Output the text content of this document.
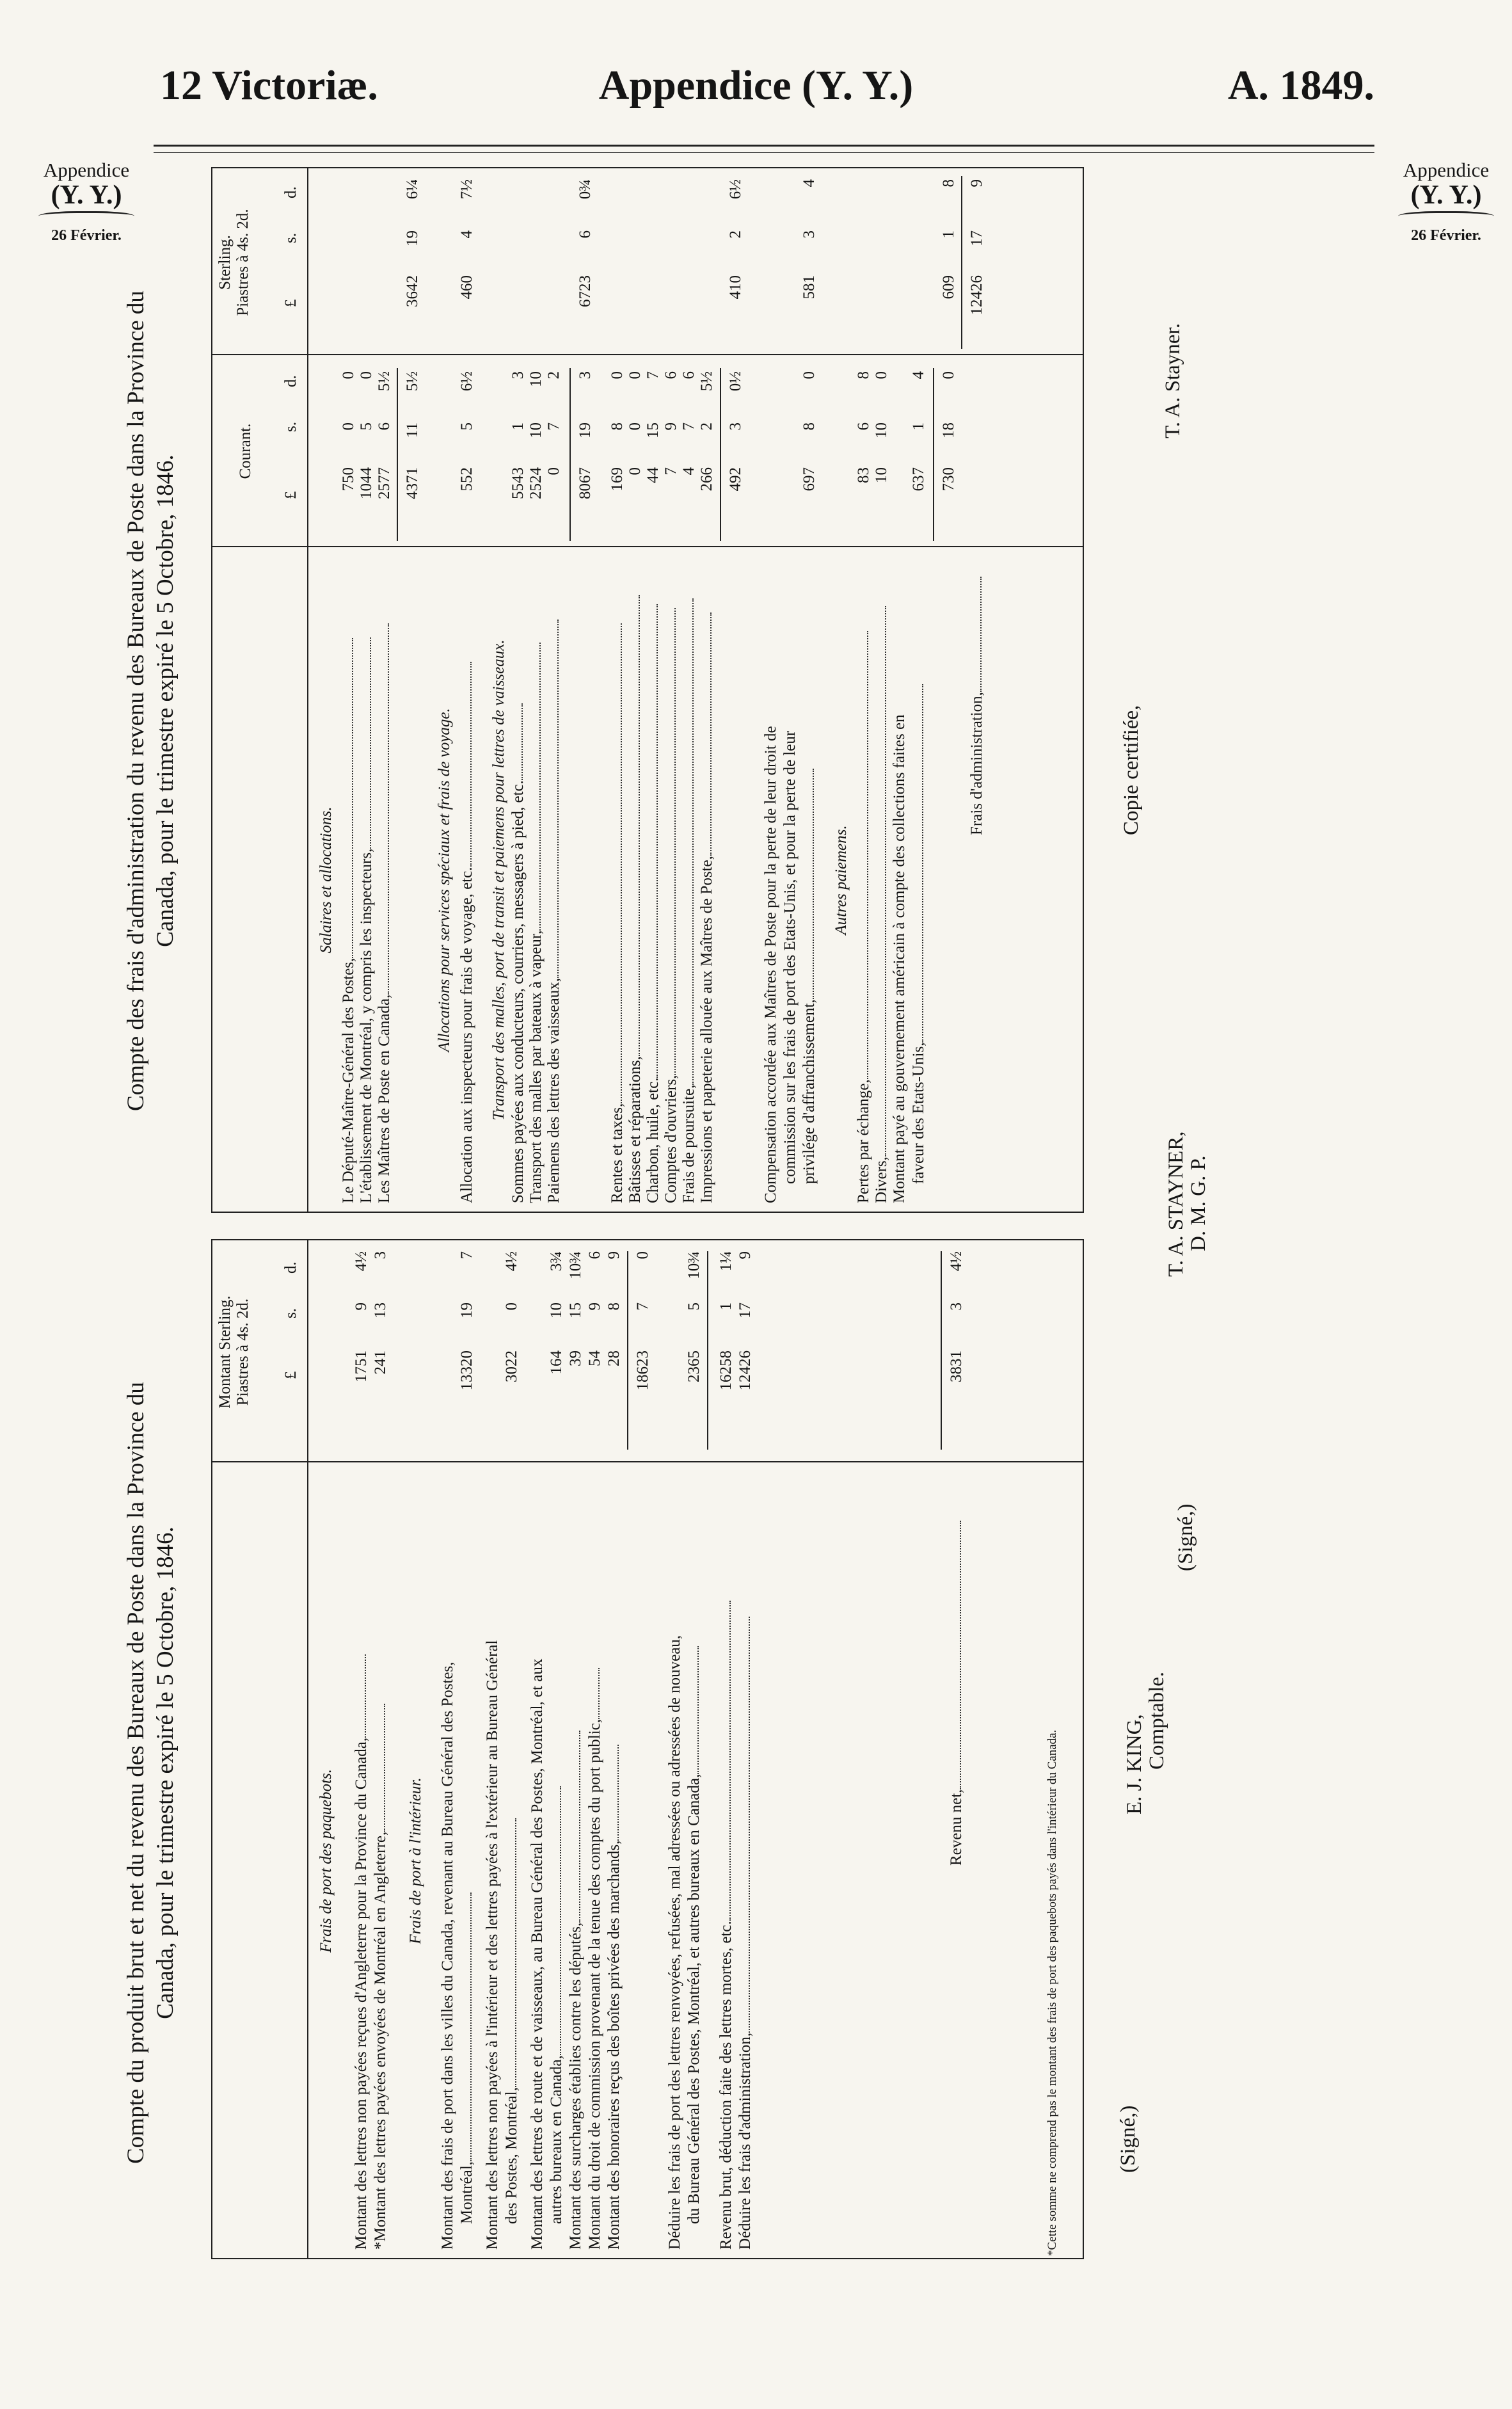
12 Victoriæ.	Appendice (Y. Y.)	A. 1849.
Appendice
(Y. Y.)
26 Février.
Appendice
(Y. Y.)
26 Février.
Compte du produit brut et net du revenu des Bureaux de Poste dans la Province du Canada, pour le trimestre expiré le 5 Octobre, 1846.
Montant Sterling. Piastres à 4s. 2d. £
s.
d.
Frais de port des paquebots. Montant des lettres non payées reçues d'Angleterre pour la Province du Canada,
1751
9
4½
*Montant des lettres payées envoyées de Montréal en Angleterre,
241
13
3
Frais de port à l'intérieur. Montant des frais de port dans les villes du Canada, revenant au Bureau Général des Postes, Montréal,
13320
19
7
Montant des lettres non payées à l'intérieur et des lettres payées à l'extérieur au Bureau Général des Postes, Montréal,
3022
0
4½
Montant des lettres de route et de vaisseaux, au Bureau Général des Postes, Montréal, et aux autres bureaux en Canada,
164
10
3¾
Montant des surcharges établies contre les députés,
39
15
10¾
Montant du droit de commission provenant de la tenue des comptes du port public,
54
9
6
Montant des honoraires reçus des boîtes privées des marchands,
28
8
9
18623
7
0
Déduire les frais de port des lettres renvoyées, refusées, mal adressées ou adressées de nouveau, du Bureau Général des Postes, Montréal, et autres bureaux en Canada,
2365
5
10¾
Revenu brut, déduction faite des lettres mortes, etc.
16258
1
1¼
Déduire les frais d'administration,
12426
17
9
Revenu net,
3831
3
4½
*Cette somme ne comprend pas le montant des frais de port des paquebots payés dans l'intérieur du Canada.
Compte des frais d'administration du revenu des Bureaux de Poste dans la Province du Canada, pour le trimestre expiré le 5 Octobre, 1846.
Courant.
Sterling. Piastres à 4s. 2d.
£
s.
d.
£
s.
d.
Salaires et allocations.
Le Député-Maître-Général des Postes,
750
0
0
L'établissement de Montréal, y compris les inspecteurs,
1044
5
0
Les Maîtres de Poste en Canada,
2577
6
5½
4371
11
5½
3642
19
6¼
Allocations pour services spéciaux et frais de voyage. Allocation aux inspecteurs pour frais de voyage, etc.
552
5
6½
460
4
7½
Transport des malles, port de transit et paiemens pour lettres de vaisseaux. Sommes payées aux conducteurs, courriers, messagers à pied, etc.
5543
1
3
Transport des malles par bateaux à vapeur,
2524
10
10
Paiemens des lettres des vaisseaux,
0
7
2
8067
19
3
6723
6
0¾
Rentes et taxes,
169
8
0
Bâtisses et réparations,
0
0
0
Charbon, huile, etc.
44
15
7
Comptes d'ouvriers,
7
9
6
Frais de poursuite,
4
7
6
Impressions et papeterie allouée aux Maîtres de Poste,
266
2
5½
492
3
0½
410
2
6½
Compensation accordée aux Maîtres de Poste pour la perte de leur droit de commission sur les frais de port des Etats-Unis, et pour la perte de leur privilége d'affranchissement,
697
8
0
581
3
4
Autres paiemens.
Pertes par échange,
83
6
8
Divers,
10
10
0
Montant payé au gouvernement américain à compte des collections faites en faveur des Etats-Unis,
637
1
4
730
18
0
609
1
8
Frais d'administration,
12426
17
9
(Signé,)
E. J. KING, Comptable.
(Signé,)
T. A. STAYNER, D. M. G. P.
Copie certifiée,
T. A. Stayner.
